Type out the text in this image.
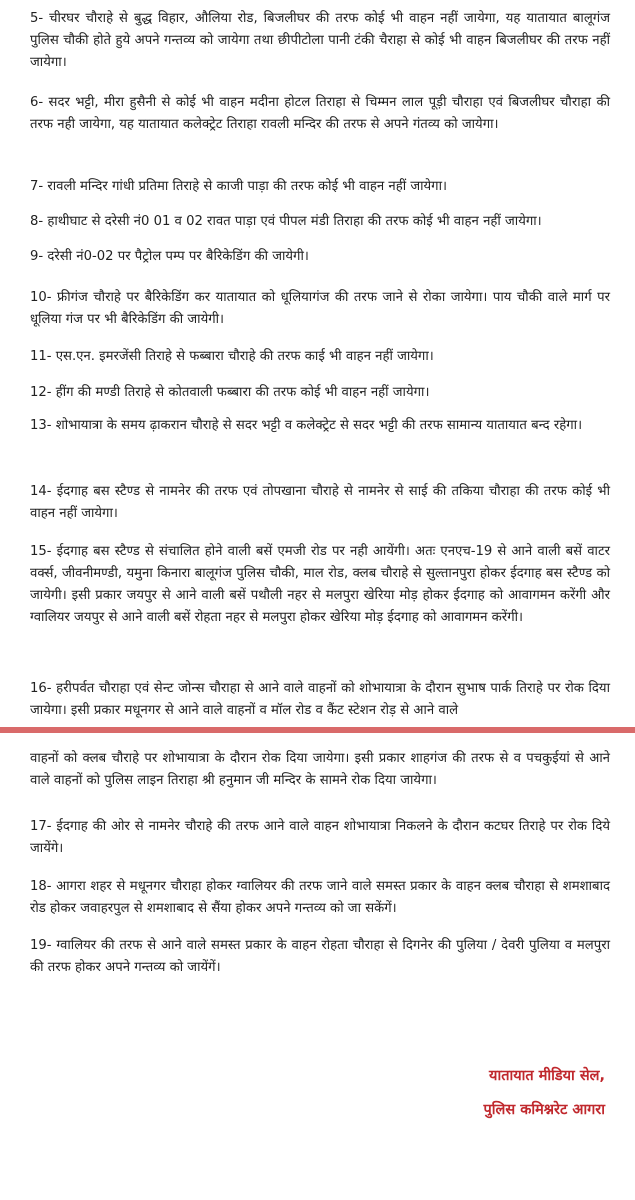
5- चीरघर चौराहे से बुद्ध विहार, औलिया रोड, बिजलीघर की तरफ कोई भी वाहन नहीं जायेगा, यह यातायात बालूगंज पुलिस चौकी होते हुये अपने गन्तव्य को जायेगा तथा छीपीटोला पानी टंकी चैराहा से कोई भी वाहन बिजलीघर की तरफ नहीं जायेगा।

6- सदर भट्टी, मीरा हुसैनी से कोई भी वाहन मदीना होटल तिराहा से चिम्मन लाल पूड़ी चौराहा एवं बिजलीघर चौराहा की तरफ नही जायेगा, यह यातायात कलेक्ट्रेट तिराहा रावली मन्दिर की तरफ से अपने गंतव्य को जायेगा।

7- रावली मन्दिर गांधी प्रतिमा तिराहे से काजी पाड़ा की तरफ कोई भी वाहन नहीं जायेगा।

8- हाथीघाट से दरेसी नं0 01 व 02 रावत पाड़ा एवं पीपल मंडी तिराहा की तरफ कोई भी वाहन नहीं जायेगा।

9- दरेसी नं0-02 पर पैट्रोल पम्प पर बैरिकेडिंग की जायेगी।

10- फ्रीगंज चौराहे पर बैरिकेडिंग कर यातायात को धूलियागंज की तरफ जाने से रोका जायेगा। पाय चौकी वाले मार्ग पर धूलिया गंज पर भी बैरिकेडिंग की जायेगी।

11- एस.एन. इमरजेंसी तिराहे से फब्बारा चौराहे की तरफ काई भी वाहन नहीं जायेगा।

12- हींग की मण्डी तिराहे से कोतवाली फब्बारा की तरफ कोई भी वाहन नहीं जायेगा।

13- शोभायात्रा के समय ढ़ाकरान चौराहे से सदर भट्टी व कलेक्ट्रेट से सदर भट्टी की तरफ सामान्य यातायात बन्द रहेगा।

14- ईदगाह बस स्टैण्ड से नामनेर की तरफ एवं तोपखाना चौराहे से नामनेर से साई की तकिया चौराहा की तरफ कोई भी वाहन नहीं जायेगा।

15- ईदगाह बस स्टैण्ड से संचालित होने वाली बसें एमजी रोड पर नही आयेंगी। अतः एनएच-19 से आने वाली बसें वाटर वर्क्स, जीवनीमण्डी, यमुना किनारा बालूगंज पुलिस चौकी, माल रोड, क्लब चौराहे से सुल्तानपुरा होकर ईदगाह बस स्टैण्ड को जायेगी। इसी प्रकार जयपुर से आने वाली बसें पथौली नहर से मलपुरा खेरिया मोड़ होकर ईदगाह को आवागमन करेंगी और ग्वालियर जयपुर से आने वाली बसें रोहता नहर से मलपुरा होकर खेरिया मोड़ ईदगाह को आवागमन करेंगी।

16- हरीपर्वत चौराहा एवं सेन्ट जोन्स चौराहा से आने वाले वाहनों को शोभायात्रा के दौरान सुभाष पार्क तिराहे पर रोक दिया जायेगा। इसी प्रकार मधूनगर से आने वाले वाहनों व मॉल रोड व कैंट स्टेशन रोड़ से आने वाले

वाहनों को क्लब चौराहे पर शोभायात्रा के दौरान रोक दिया जायेगा। इसी प्रकार शाहगंज की तरफ से व पचकुईयां से आने वाले वाहनों को पुलिस लाइन तिराहा श्री हनुमान जी मन्दिर के सामने रोक दिया जायेगा।

17- ईदगाह की ओर से नामनेर चौराहे की तरफ आने वाले वाहन शोभायात्रा निकलने के दौरान कटघर तिराहे पर रोक दिये जायेंगे।

18- आगरा शहर से मधूनगर चौराहा होकर ग्वालियर की तरफ जाने वाले समस्त प्रकार के वाहन क्लब चौराहा से शमशाबाद रोड होकर जवाहरपुल से शमशाबाद से सैंया होकर अपने गन्तव्य को जा सकेंगें।

19- ग्वालियर की तरफ से आने वाले समस्त प्रकार के वाहन रोहता चौराहा से दिगनेर की पुलिया / देवरी पुलिया व मलपुरा की तरफ होकर अपने गन्तव्य को जायेंगें।

यातायात मीडिया सेल,

पुलिस कमिश्नरेट आगरा
